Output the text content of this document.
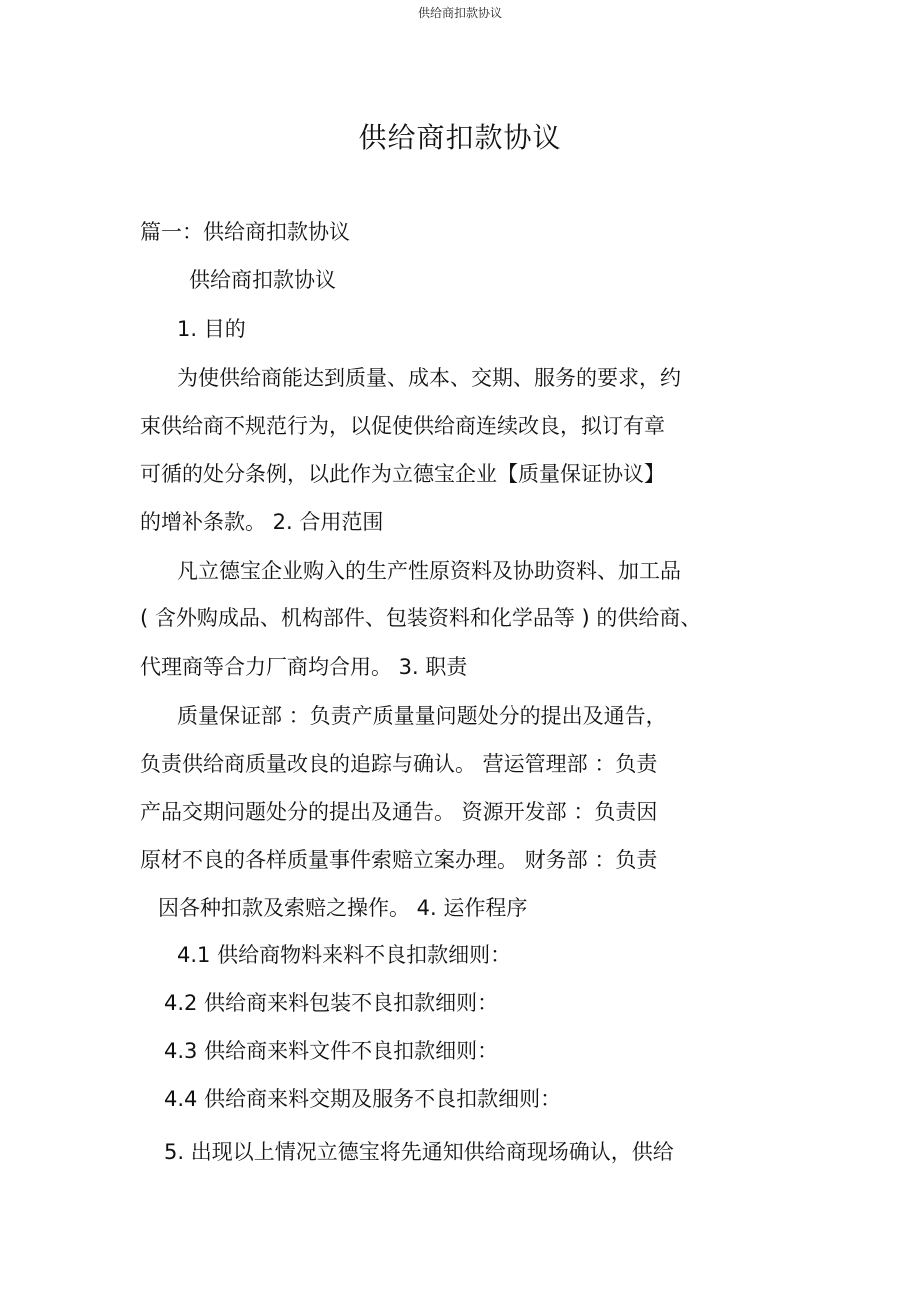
供给商扣款协议
供给商扣款协议
篇一：供给商扣款协议
供给商扣款协议
1. 目的
为使供给商能达到质量、成本、交期、服务的要求，约
束供给商不规范行为，以促使供给商连续改良，拟订有章
可循的处分条例，以此作为立德宝企业【质量保证协议】
的增补条款。 2. 合用范围
凡立德宝企业购入的生产性原资料及协助资料、加工品
( 含外购成品、机构部件、包装资料和化学品等 ) 的供给商、
代理商等合力厂商均合用。 3. 职责
质量保证部 ：负责产质量量问题处分的提出及通告，
负责供给商质量改良的追踪与确认。 营运管理部 ：负责
产品交期问题处分的提出及通告。 资源开发部 ：负责因
原材不良的各样质量事件索赔立案办理。 财务部 ：负责
因各种扣款及索赔之操作。 4. 运作程序
4.1 供给商物料来料不良扣款细则：
4.2 供给商来料包装不良扣款细则：
4.3 供给商来料文件不良扣款细则：
4.4 供给商来料交期及服务不良扣款细则：
5. 出现以上情况立德宝将先通知供给商现场确认，供给
